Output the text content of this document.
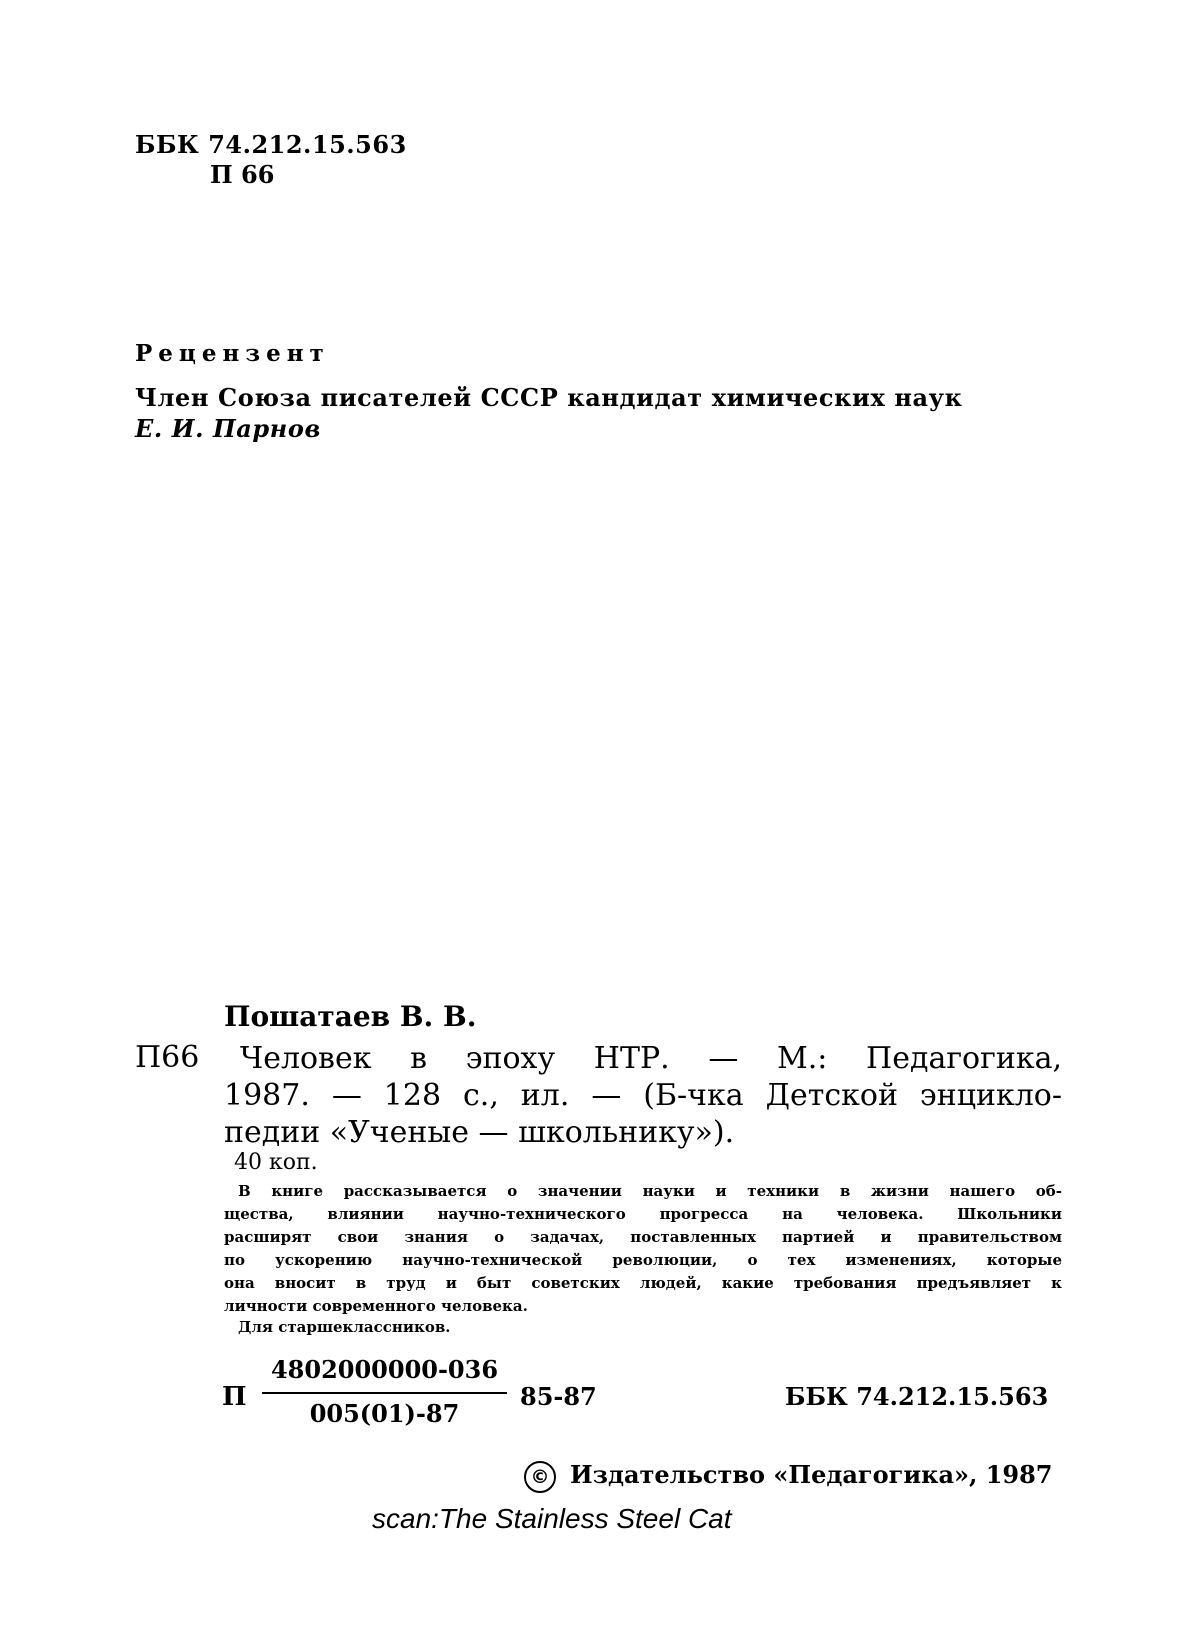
ББК 74.212.15.563
П 66
Рецензент
Член Союза писателей СССР кандидат химических наук
Е. И. Парнов
Пошатаев В. В.
П66 Человек в эпоху НТР. — М.: Педагогика,
1987. — 128 с., ил. — (Б-чка Детской энцикло-
педии «Ученые — школьнику»).
40 коп.
В книге рассказывается о значении науки и техники в жизни нашего об-
щества, влиянии научно-технического прогресса на человека. Школьники
расширят свои знания о задачах, поставленных партией и правительством
по ускорению научно-технической революции, о тех изменениях, которые
она вносит в труд и быт советских людей, какие требования предъявляет к
личности современного человека.
Для старшеклассников.
П
4802000000-036
005(01)-87
85-87	ББК 74.212.15.563
© Издательство «Педагогика», 1987
scan:The Stainless Steel Cat
